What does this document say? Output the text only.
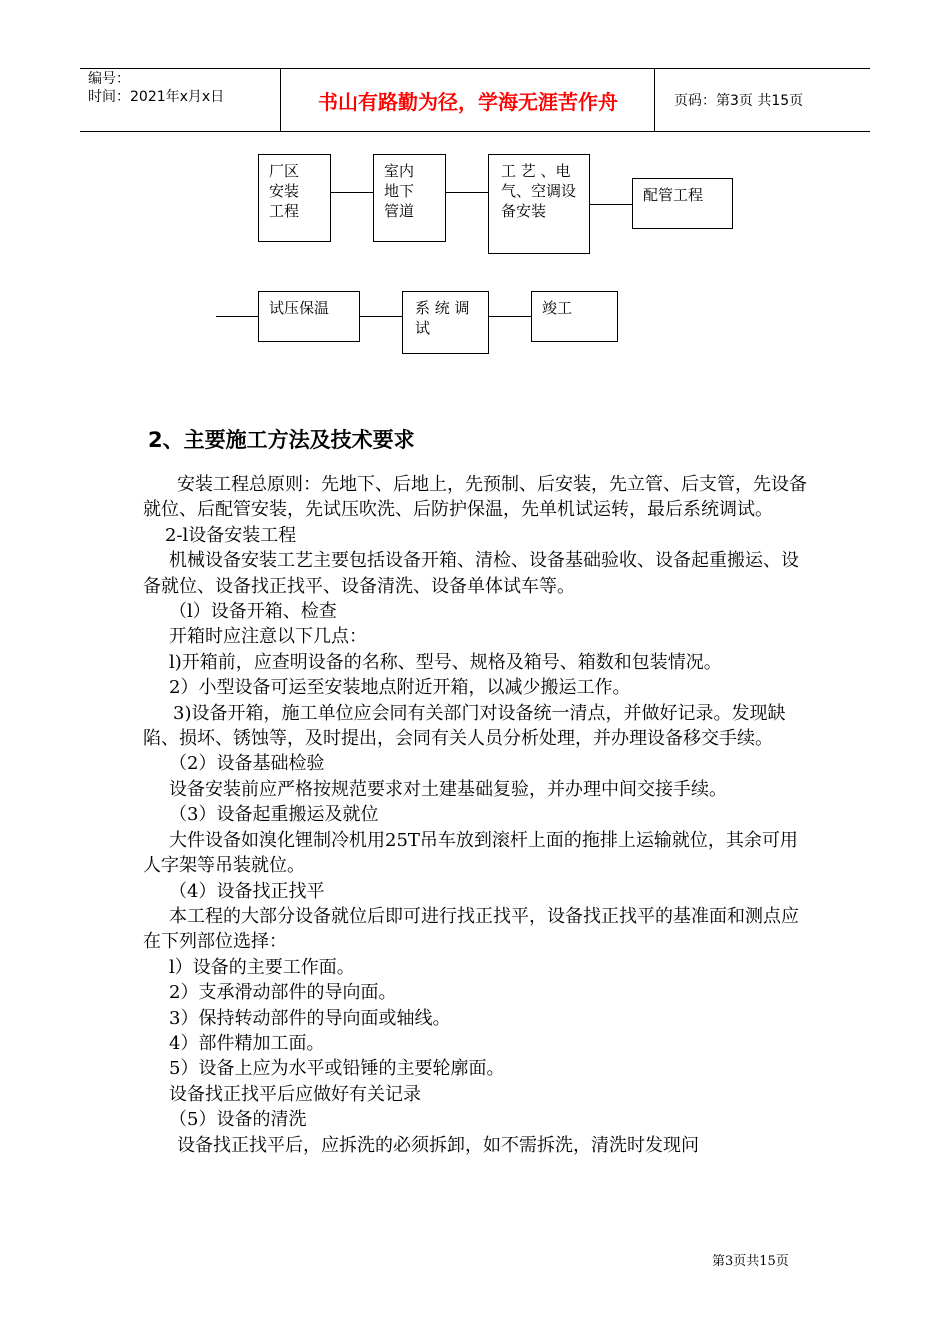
编号：
时间：2021年x月x日	书山有路勤为径，学海无涯苦作舟	页码：第3页 共15页
厂区
安装
工程
室内
地下
管道
工 艺 、电
气、空调设
备安装
配管工程
试压保温	系 统 调
试
竣工
2、主要施工方法及技术要求

安装工程总原则：先地下、后地上，先预制、后安装，先立管、后支管，先设备就位、后配管安装，先试压吹洗、后防护保温，先单机试运转，最后系统调试。

2-l设备安装工程

机械设备安装工艺主要包括设备开箱、清检、设备基础验收、设备起重搬运、设备就位、设备找正找平、设备清洗、设备单体试车等。

（l）设备开箱、检查

开箱时应注意以下几点：

l)开箱前，应查明设备的名称、型号、规格及箱号、箱数和包装情况。

2）小型设备可运至安装地点附近开箱，以减少搬运工作。

3)设备开箱，施工单位应会同有关部门对设备统一清点，并做好记录。发现缺陷、损坏、锈蚀等，及时提出，会同有关人员分析处理，并办理设备移交手续。

（2）设备基础检验

设备安装前应严格按规范要求对土建基础复验，并办理中间交接手续。

（3）设备起重搬运及就位

大件设备如溴化锂制冷机用25T吊车放到滚杆上面的拖排上运输就位，其余可用人字架等吊装就位。

（4）设备找正找平

本工程的大部分设备就位后即可进行找正找平，设备找正找平的基准面和测点应在下列部位选择：

l）设备的主要工作面。

2）支承滑动部件的导向面。

3）保持转动部件的导向面或轴线。

4）部件精加工面。

5）设备上应为水平或铅锤的主要轮廓面。

设备找正找平后应做好有关记录

（5）设备的清洗

设备找正找平后，应拆洗的必须拆卸，如不需拆洗，清洗时发现问

第3页共15页
